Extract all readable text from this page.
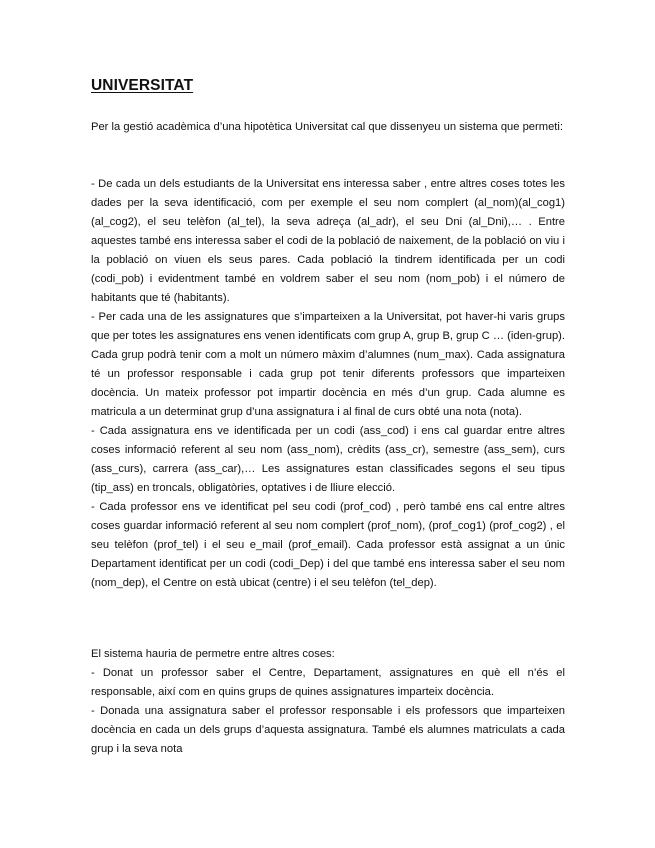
UNIVERSITAT

Per la gestió acadèmica d’una hipotètica Universitat cal que dissenyeu un sistema que permeti:

- De cada un dels estudiants de la Universitat ens interessa saber , entre altres coses totes les dades per la seva identificació, com per exemple el seu nom complert (al_nom)(al_cog1)(al_cog2), el seu telèfon (al_tel), la seva adreça (al_adr), el seu Dni (al_Dni),… . Entre aquestes també ens interessa saber el codi de la població de naixement, de la població on viu i la població on viuen els seus pares. Cada població la tindrem identificada per un codi (codi_pob) i evidentment també en voldrem saber el seu nom (nom_pob) i el número de habitants que té (habitants).

- Per cada una de les assignatures que s’imparteixen a la Universitat, pot haver-hi varis grups que per totes les assignatures ens venen identificats com grup A, grup B, grup C … (iden-grup). Cada grup podrà tenir com a molt un número màxim d’alumnes (num_max). Cada assignatura té un professor responsable i cada grup pot tenir diferents professors que imparteixen docència. Un mateix professor pot impartir docència en més d’un grup. Cada alumne es matricula a un determinat grup d’una assignatura i al final de curs obté una nota (nota).

- Cada assignatura ens ve identificada per un codi (ass_cod) i ens cal guardar entre altres coses informació referent al seu nom (ass_nom), crèdits (ass_cr), semestre (ass_sem), curs (ass_curs), carrera (ass_car),… Les assignatures estan classificades segons el seu tipus (tip_ass) en troncals, obligatòries, optatives i de lliure elecció.

- Cada professor ens ve identificat pel seu codi (prof_cod) , però també ens cal entre altres coses guardar informació referent al seu nom complert (prof_nom), (prof_cog1) (prof_cog2) , el seu telèfon (prof_tel) i el seu e_mail (prof_email). Cada professor està assignat a un únic Departament identificat per un codi (codi_Dep) i del que també ens interessa saber el seu nom (nom_dep), el Centre on està ubicat (centre) i el seu telèfon (tel_dep).

El sistema hauria de permetre entre altres coses:

- Donat un professor saber el Centre, Departament, assignatures en què ell n’és el responsable, així com en quins grups de quines assignatures imparteix docència.

- Donada una assignatura saber el professor responsable i els professors que imparteixen docència en cada un dels grups d’aquesta assignatura. També els alumnes matriculats a cada grup i la seva nota
